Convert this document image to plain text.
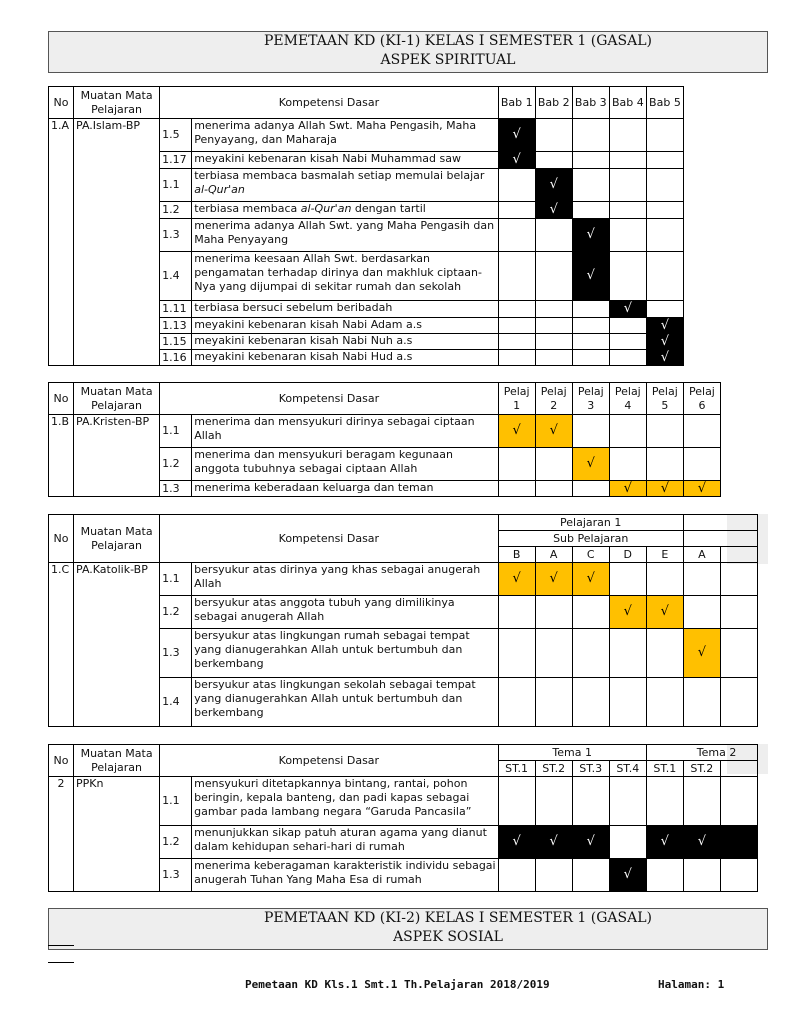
PEMETAAN KD (KI-1) KELAS I SEMESTER 1 (GASAL)
ASPEK SPIRITUAL
No	Muatan Mata Pelajaran	Kompetensi Dasar		Bab 1	Bab 2	Bab 3	Bab 4	Bab 5
1.A	PA.Islam-BP	1.5	menerima adanya Allah Swt. Maha Pengasih, Maha Penyayang, dan Maharaja	√				
		1.17	meyakini kebenaran kisah Nabi Muhammad saw	√				
		1.1	terbiasa membaca basmalah setiap memulai belajar al-Qur'an		√			
		1.2	terbiasa membaca al-Qur'an dengan tartil		√			
		1.3	menerima adanya Allah Swt. yang Maha Pengasih dan Maha Penyayang			√		
		1.4	menerima keesaan Allah Swt. berdasarkan pengamatan terhadap dirinya dan makhluk ciptaan-Nya yang dijumpai di sekitar rumah dan sekolah			√		
		1.11	terbiasa bersuci sebelum beribadah				√	
		1.13	meyakini kebenaran kisah Nabi Adam a.s					√
		1.15	meyakini kebenaran kisah Nabi Nuh a.s					√
		1.16	meyakini kebenaran kisah Nabi Hud a.s					√
No	Muatan Mata Pelajaran	Kompetensi Dasar		Pelaj 1	Pelaj 2	Pelaj 3	Pelaj 4	Pelaj 5	Pelaj 6
1.B	PA.Kristen-BP	1.1	menerima dan mensyukuri dirinya sebagai ciptaan Allah	√	√				
		1.2	menerima dan mensyukuri beragam kegunaan anggota tubuhnya sebagai ciptaan Allah			√			
		1.3	menerima keberadaan keluarga dan teman				√	√	√
No	Muatan Mata Pelajaran	Kompetensi Dasar		Pelajaran 1						
				Sub Pelajaran						
				B	A	C	D	E	A	
1.C	PA.Katolik-BP	1.1	bersyukur atas dirinya yang khas sebagai anugerah Allah	√	√	√				
		1.2	bersyukur atas anggota tubuh yang dimilikinya sebagai anugerah Allah				√	√		
		1.3	bersyukur atas lingkungan rumah sebagai tempat yang dianugerahkan Allah untuk bertumbuh dan berkembang						√	
		1.4	bersyukur atas lingkungan sekolah sebagai tempat yang dianugerahkan Allah untuk bertumbuh dan berkembang							
No	Muatan Mata Pelajaran	Kompetensi Dasar		Tema 1				Tema 2		
				ST.1	ST.2	ST.3	ST.4	ST.1	ST.2	
2	PPKn	1.1	mensyukuri ditetapkannya bintang, rantai, pohon beringin, kepala banteng, dan padi kapas sebagai gambar pada lambang negara “Garuda Pancasila”							
		1.2	menunjukkan sikap patuh aturan agama yang dianut dalam kehidupan sehari-hari di rumah	√	√	√		√	√	
		1.3	menerima keberagaman karakteristik individu sebagai anugerah Tuhan Yang Maha Esa di rumah				√			
PEMETAAN KD (KI-2) KELAS I SEMESTER 1 (GASAL)
ASPEK SOSIAL
Pemetaan KD Kls.1 Smt.1 Th.Pelajaran 2018/2019	Halaman: 1
